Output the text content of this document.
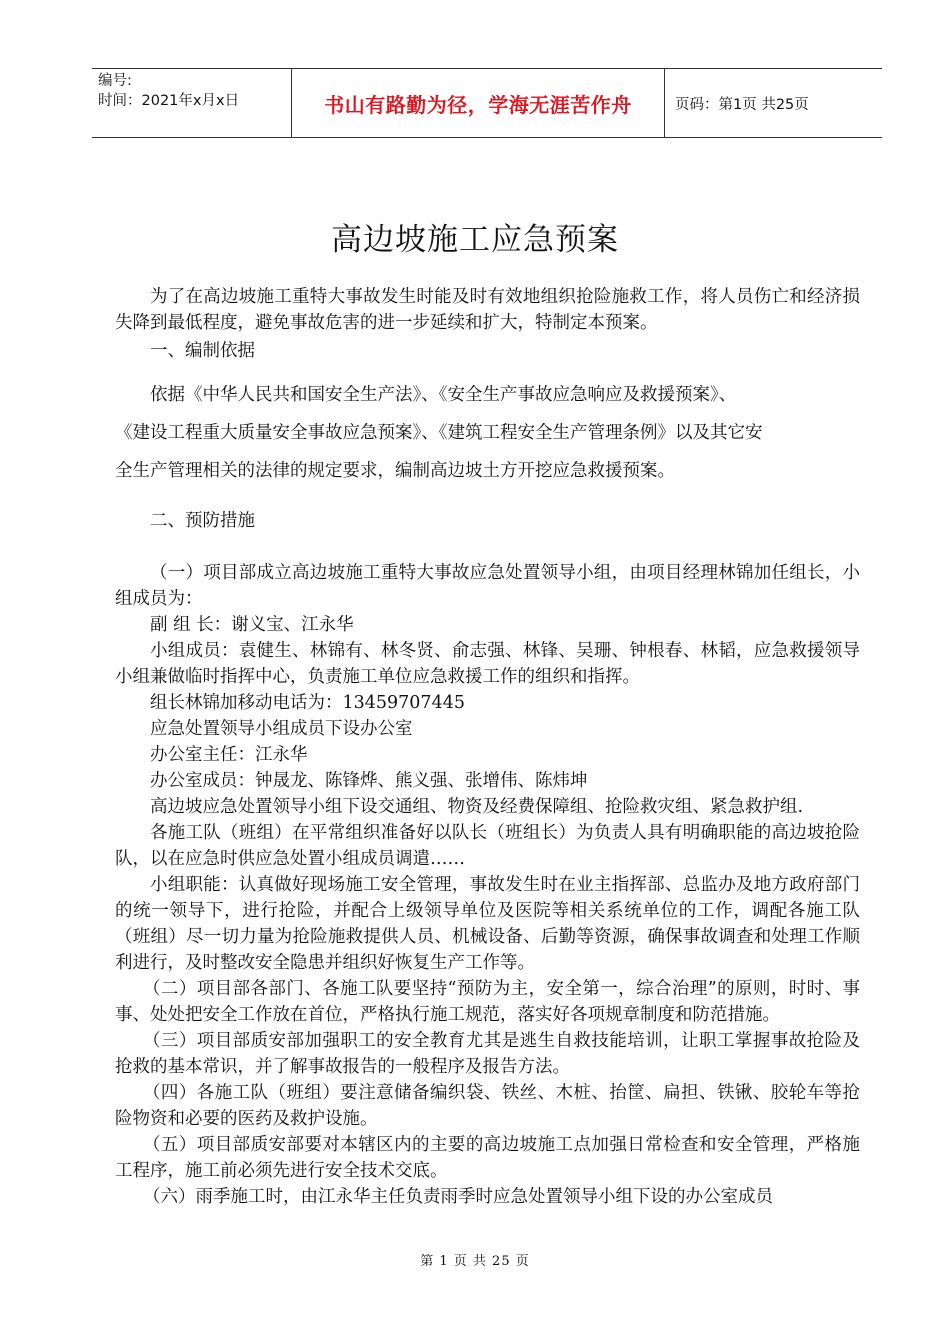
编号:
时间：2021年x月x日	书山有路勤为径，学海无涯苦作舟	页码：第1页 共25页
高边坡施工应急预案

为了在高边坡施工重特大事故发生时能及时有效地组织抢险施救工作，将人员伤亡和经济损失降到最低程度，避免事故危害的进一步延续和扩大，特制定本预案。

一、编制依据

依据《中华人民共和国安全生产法》、《安全生产事故应急响应及救援预案》、

《建设工程重大质量安全事故应急预案》、《建筑工程安全生产管理条例》以及其它安

全生产管理相关的法律的规定要求，编制高边坡土方开挖应急救援预案。

二、预防措施

（一）项目部成立高边坡施工重特大事故应急处置领导小组，由项目经理林锦加任组长，小组成员为：

副 组 长：谢义宝、江永华

小组成员：袁健生、林锦有、林冬贤、俞志强、林锋、吴珊、钟根春、林韬，应急救援领导小组兼做临时指挥中心，负责施工单位应急救援工作的组织和指挥。

组长林锦加移动电话为：13459707445

应急处置领导小组成员下设办公室

办公室主任：江永华

办公室成员：钟晟龙、陈锋烨、熊义强、张增伟、陈炜坤

高边坡应急处置领导小组下设交通组、物资及经费保障组、抢险救灾组、紧急救护组.

各施工队（班组）在平常组织准备好以队长（班组长）为负责人具有明确职能的高边坡抢险队，以在应急时供应急处置小组成员调遣……

小组职能：认真做好现场施工安全管理，事故发生时在业主指挥部、总监办及地方政府部门的统一领导下，进行抢险，并配合上级领导单位及医院等相关系统单位的工作，调配各施工队（班组）尽一切力量为抢险施救提供人员、机械设备、后勤等资源，确保事故调查和处理工作顺利进行，及时整改安全隐患并组织好恢复生产工作等。

（二）项目部各部门、各施工队要坚持“预防为主，安全第一，综合治理”的原则，时时、事事、处处把安全工作放在首位，严格执行施工规范，落实好各项规章制度和防范措施。

（三）项目部质安部加强职工的安全教育尤其是逃生自救技能培训，让职工掌握事故抢险及抢救的基本常识，并了解事故报告的一般程序及报告方法。

（四）各施工队（班组）要注意储备编织袋、铁丝、木桩、抬筐、扁担、铁锹、胶轮车等抢险物资和必要的医药及救护设施。

（五）项目部质安部要对本辖区内的主要的高边坡施工点加强日常检查和安全管理，严格施工程序，施工前必须先进行安全技术交底。

（六）雨季施工时，由江永华主任负责雨季时应急处置领导小组下设的办公室成员

第 1 页 共 25 页
